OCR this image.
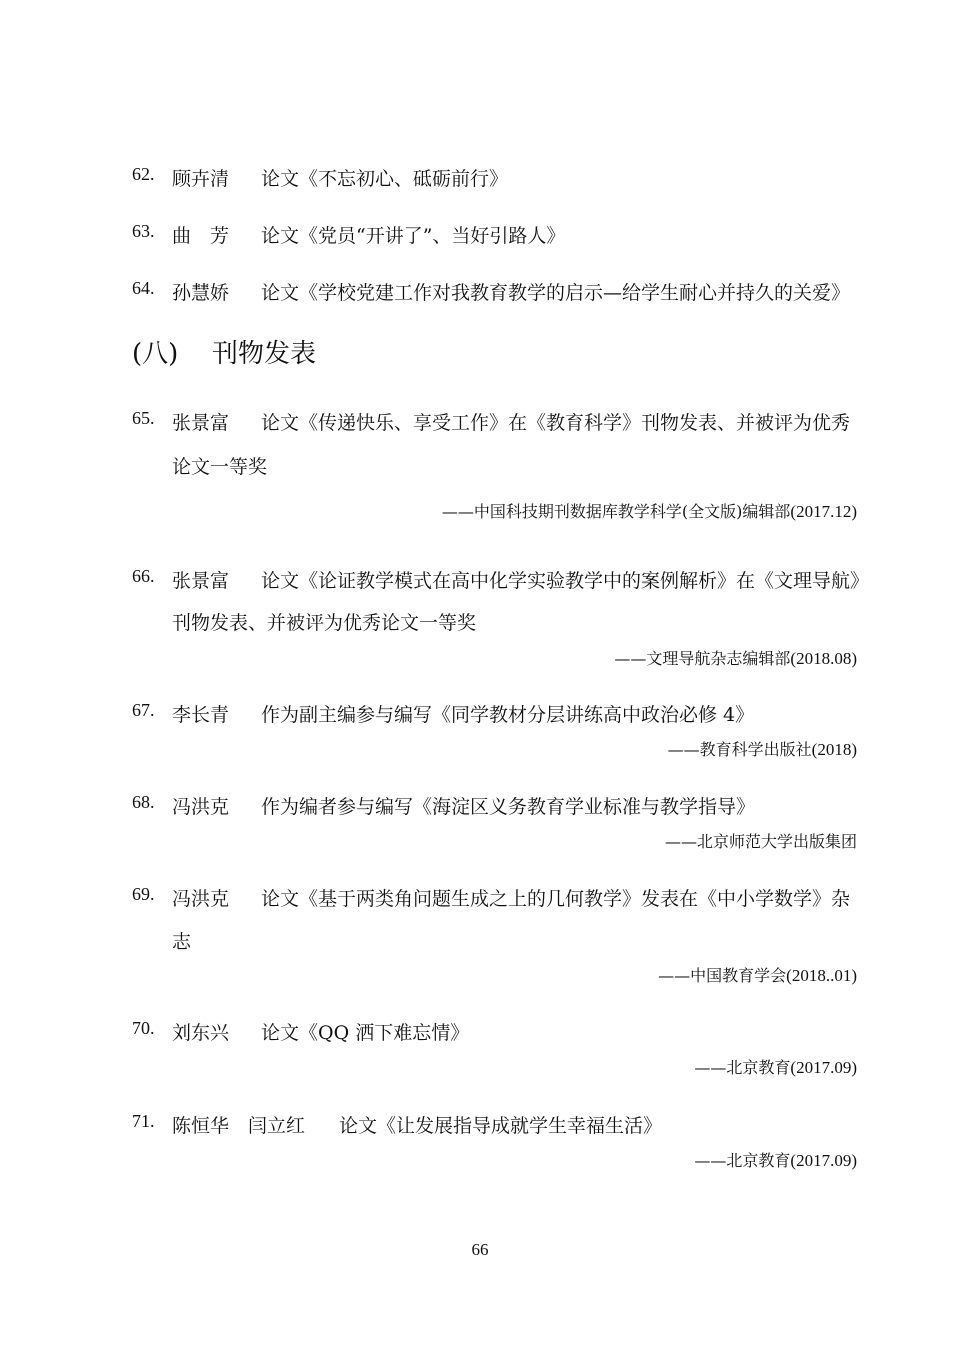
62. 顾卉清 论文《不忘初心、砥砺前行》
63. 曲　芳 论文《党员“开讲了”、当好引路人》
64. 孙慧娇 论文《学校党建工作对我教育教学的启示—给学生耐心并持久的关爱》
(八) 刊物发表
65. 张景富 论文《传递快乐、享受工作》在《教育科学》刊物发表、并被评为优秀
论文一等奖
——中国科技期刊数据库教学科学(全文版)编辑部(2017.12)
66. 张景富 论文《论证教学模式在高中化学实验教学中的案例解析》在《文理导航》
刊物发表、并被评为优秀论文一等奖
——文理导航杂志编辑部(2018.08)
67. 李长青 作为副主编参与编写《同学教材分层讲练高中政治必修 4》
——教育科学出版社(2018)
68. 冯洪克 作为编者参与编写《海淀区义务教育学业标准与教学指导》
——北京师范大学出版集团
69. 冯洪克 论文《基于两类角问题生成之上的几何教学》发表在《中小学数学》杂
志
——中国教育学会(2018..01)
70. 刘东兴 论文《QQ 洒下难忘情》
——北京教育(2017.09)
71. 陈恒华　闫立红 论文《让发展指导成就学生幸福生活》
——北京教育(2017.09)
66
